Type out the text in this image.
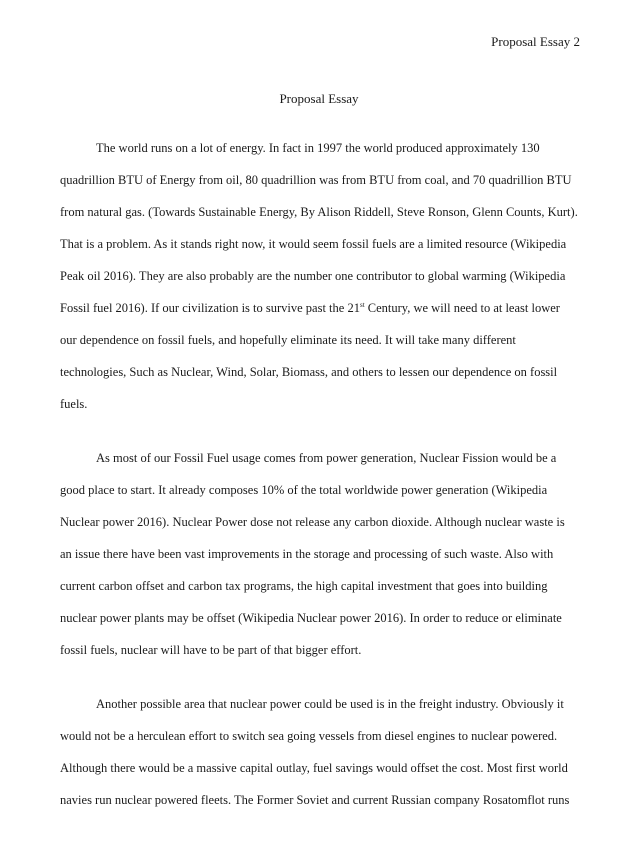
Proposal Essay 2
Proposal Essay
The world runs on a lot of energy. In fact in 1997 the world produced approximately 130
quadrillion BTU of Energy from oil, 80 quadrillion was from BTU from coal, and 70 quadrillion BTU
from natural gas. (Towards Sustainable Energy, By Alison Riddell, Steve Ronson, Glenn Counts, Kurt).
That is a problem. As it stands right now, it would seem fossil fuels are a limited resource (Wikipedia
Peak oil 2016). They are also probably are the number one contributor to global warming (Wikipedia
Fossil fuel 2016). If our civilization is to survive past the 21st Century, we will need to at least lower
our dependence on fossil fuels, and hopefully eliminate its need. It will take many different
technologies, Such as Nuclear, Wind, Solar, Biomass, and others to lessen our dependence on fossil
fuels.
As most of our Fossil Fuel usage comes from power generation, Nuclear Fission would be a
good place to start. It already composes 10% of the total worldwide power generation (Wikipedia
Nuclear power 2016). Nuclear Power dose not release any carbon dioxide. Although nuclear waste is
an issue there have been vast improvements in the storage and processing of such waste. Also with
current carbon offset and carbon tax programs, the high capital investment that goes into building
nuclear power plants may be offset (Wikipedia Nuclear power 2016). In order to reduce or eliminate
fossil fuels, nuclear will have to be part of that bigger effort.
Another possible area that nuclear power could be used is in the freight industry. Obviously it
would not be a herculean effort to switch sea going vessels from diesel engines to nuclear powered.
Although there would be a massive capital outlay, fuel savings would offset the cost. Most first world
navies run nuclear powered fleets. The Former Soviet and current Russian company Rosatomflot runs
